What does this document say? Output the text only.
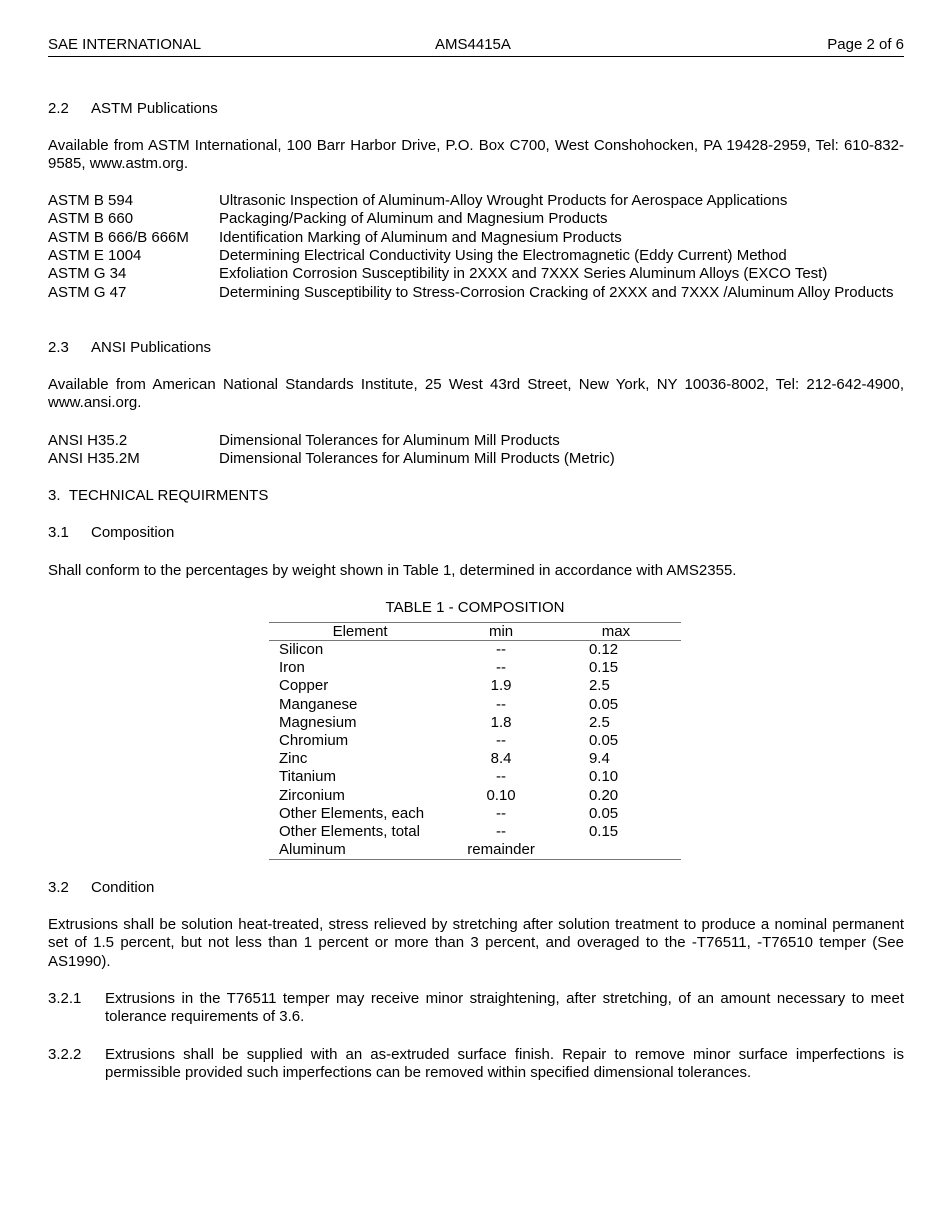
SAE INTERNATIONAL	AMS4415A	Page 2 of 6
2.2 ASTM Publications
Available from ASTM International, 100 Barr Harbor Drive, P.O. Box C700, West Conshohocken, PA 19428-2959, Tel: 610-832-9585, www.astm.org.
ASTM B 594	Ultrasonic Inspection of Aluminum-Alloy Wrought Products for Aerospace Applications
ASTM B 660	Packaging/Packing of Aluminum and Magnesium Products
ASTM B 666/B 666M	Identification Marking of Aluminum and Magnesium Products
ASTM E 1004	Determining Electrical Conductivity Using the Electromagnetic (Eddy Current) Method
ASTM G 34	Exfoliation Corrosion Susceptibility in 2XXX and 7XXX Series Aluminum Alloys (EXCO Test)
ASTM G 47	Determining Susceptibility to Stress-Corrosion Cracking of 2XXX and 7XXX /Aluminum Alloy Products
2.3 ANSI Publications
Available from American National Standards Institute, 25 West 43rd Street, New York, NY 10036-8002, Tel: 212-642-4900, www.ansi.org.
ANSI H35.2	Dimensional Tolerances for Aluminum Mill Products
ANSI H35.2M	Dimensional Tolerances for Aluminum Mill Products (Metric)
3. TECHNICAL REQUIRMENTS
3.1 Composition
Shall conform to the percentages by weight shown in Table 1, determined in accordance with AMS2355.
TABLE 1 - COMPOSITION
Element	min	max
Silicon	--	0.12
Iron	--	0.15
Copper	1.9	2.5
Manganese	--	0.05
Magnesium	1.8	2.5
Chromium	--	0.05
Zinc	8.4	9.4
Titanium	--	0.10
Zirconium	0.10	0.20
Other Elements, each	--	0.05
Other Elements, total	--	0.15
Aluminum	remainder	
3.2 Condition
Extrusions shall be solution heat-treated, stress relieved by stretching after solution treatment to produce a nominal permanent set of 1.5 percent, but not less than 1 percent or more than 3 percent, and overaged to the -T76511, -T76510 temper (See AS1990).
3.2.1 Extrusions in the T76511 temper may receive minor straightening, after stretching, of an amount necessary to meet tolerance requirements of 3.6.
3.2.2 Extrusions shall be supplied with an as-extruded surface finish. Repair to remove minor surface imperfections is permissible provided such imperfections can be removed within specified dimensional tolerances.
